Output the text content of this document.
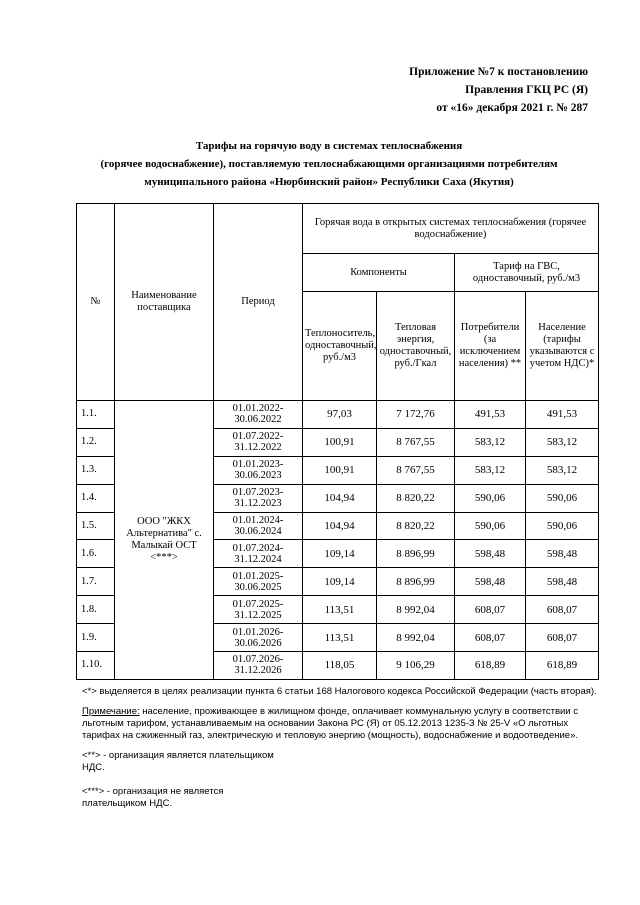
Приложение №7 к постановлению
Правления ГКЦ РС (Я)
от «16» декабря 2021 г. № 287
Тарифы на горячую воду в системах теплоснабжения
(горячее водоснабжение), поставляемую теплоснабжающими организациями потребителям
муниципального района «Нюрбинский район» Республики Саха (Якутия)
№	Наименование поставщика	Период	Горячая вода в открытых системах теплоснабжения (горячее водоснабжение)			
			Компоненты		Тариф на ГВС, одноставочный, руб./м3	
			Теплоноситель, одноставочный, руб./м3	Тепловая энергия, одноставочный, руб./Гкал	Потребители (за исключением населения) **	Население (тарифы указываются с учетом НДС)*
1.1.	ООО "ЖКХ Альтернатива" с. Малыкай ОСТ <***>	01.01.2022-30.06.2022	97,03	7 172,76	491,53	491,53
1.2.		01.07.2022-31.12.2022	100,91	8 767,55	583,12	583,12
1.3.		01.01.2023-30.06.2023	100,91	8 767,55	583,12	583,12
1.4.		01.07.2023-31.12.2023	104,94	8 820,22	590,06	590,06
1.5.		01.01.2024-30.06.2024	104,94	8 820,22	590,06	590,06
1.6.		01.07.2024-31.12.2024	109,14	8 896,99	598,48	598,48
1.7.		01.01.2025-30.06.2025	109,14	8 896,99	598,48	598,48
1.8.		01.07.2025-31.12.2025	113,51	8 992,04	608,07	608,07
1.9.		01.01.2026-30.06.2026	113,51	8 992,04	608,07	608,07
1.10.		01.07.2026-31.12.2026	118,05	9 106,29	618,89	618,89

<*> выделяется в целях реализации пункта 6 статьи 168 Налогового кодекса Российской Федерации (часть вторая).

Примечание: население, проживающее в жилищном фонде, оплачивает коммунальную услугу в соответствии с льготным тарифом, устанавливаемым на основании Закона РС (Я) от 05.12.2013 1235-З № 25-V «О льготных тарифах на сжиженный газ, электрическую и тепловую энергию (мощность), водоснабжение и водоотведение».

<**> - организация является плательщиком
НДС.

<***> - организация не является
плательщиком НДС.
